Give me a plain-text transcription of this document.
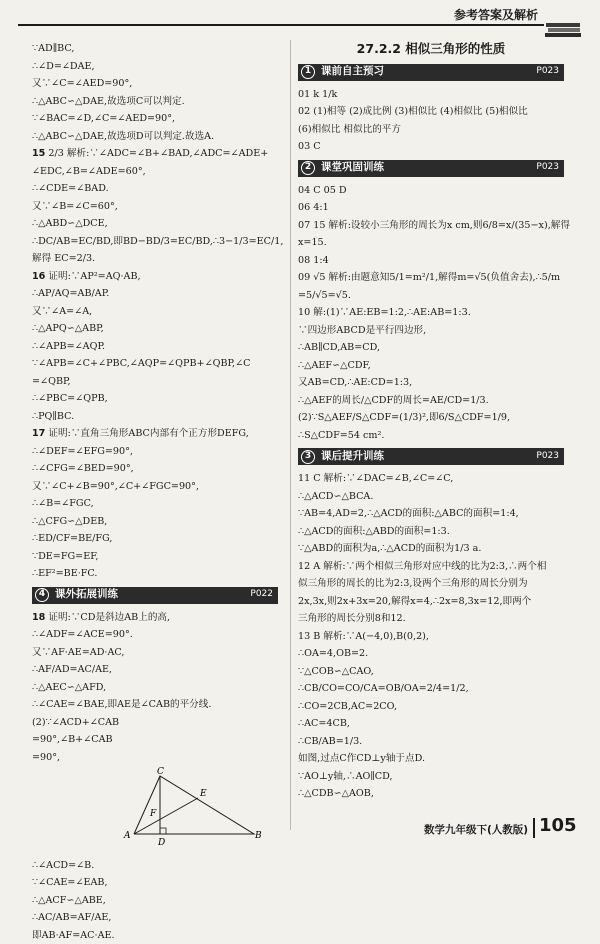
参考答案及解析
∵AD∥BC,
∴∠D=∠DAE,
又∵∠C=∠AED=90°,
∴△ABC∽△DAE,故选项C可以判定.
∵∠BAC=∠D,∠C=∠AED=90°,
∴△ABC∽△DAE,故选项D可以判定.故选A.
15 2/3 解析:∵∠ADC=∠B+∠BAD,∠ADC=∠ADE+
∠EDC,∠B=∠ADE=60°,
∴∠CDE=∠BAD.
又∵∠B=∠C=60°,
∴△ABD∽△DCE,
∴DC/AB=EC/BD,即BD−BD/3=EC/BD,∴3−1/3=EC/1,
解得 EC=2/3.
16 证明:∵AP²=AQ·AB,
∴AP/AQ=AB/AP.
又∵∠A=∠A,
∴△APQ∽△ABP,
∴∠APB=∠AQP.
∵∠APB=∠C+∠PBC,∠AQP=∠QPB+∠QBP,∠C
=∠QBP,
∴∠PBC=∠QPB,
∴PQ∥BC.
17 证明:∵直角三角形ABC内部有个正方形DEFG,
∴∠DEF=∠EFG=90°,
∴∠CFG=∠BED=90°,
又∵∠C+∠B=90°,∠C+∠FGC=90°,
∴∠B=∠FGC,
∴△CFG∽△DEB,
∴ED/CF=BE/FG,
∵DE=FG=EF,
∴EF²=BE·FC.
4 课外拓展训练	P022
18 证明:∵CD是斜边AB上的高,
∴∠ADF=∠ACE=90°.
又∵AF·AE=AD·AC,
∴AF/AD=AC/AE,
∴△AEC∽△AFD,
∴∠CAE=∠BAE,即AE是∠CAB的平分线.
(2)∵∠ACD+∠CAB
=90°,∠B+∠CAB
=90°,
A	B
C
D
E
F
∴∠ACD=∠B.
∵∠CAE=∠EAB,
∴△ACF∽△ABE,
∴AC/AB=AF/AE,
即AB·AF=AC·AE.
27.2.2 相似三角形的性质
1 课前自主预习	P023
01 k 1/k
02 (1)相等 (2)成比例 (3)相似比 (4)相似比 (5)相似比
(6)相似比 相似比的平方
03 C
2 课堂巩固训练	P023
04 C 05 D
06 4:1
07 15 解析:设较小三角形的周长为x cm,则6/8=x/(35−x),解得
x=15.
08 1:4
09 √5 解析:由题意知5/1=m²/1,解得m=√5(负值舍去),∴5/m
=5/√5=√5.
10 解:(1)∵AE:EB=1:2,∴AE:AB=1:3.
∵四边形ABCD是平行四边形,
∴AB∥CD,AB=CD,
∴△AEF∽△CDF,
又AB=CD,∴AE:CD=1:3,
∴△AEF的周长/△CDF的周长=AE/CD=1/3.
(2)∵S△AEF/S△CDF=(1/3)²,即6/S△CDF=1/9,
∴S△CDF=54 cm².
3 课后提升训练	P023
11 C 解析:∵∠DAC=∠B,∠C=∠C,
∴△ACD∽△BCA.
∵AB=4,AD=2,∴△ACD的面积:△ABC的面积=1:4,
∴△ACD的面积:△ABD的面积=1:3.
∵△ABD的面积为a,∴△ACD的面积为1/3 a.
12 A 解析:∵两个相似三角形对应中线的比为2:3,∴两个相
似三角形的周长的比为2:3,设两个三角形的周长分别为
2x,3x,则2x+3x=20,解得x=4,∴2x=8,3x=12,即两个
三角形的周长分别8和12.
13 B 解析:∵A(−4,0),B(0,2),
∴OA=4,OB=2.
∵△COB∽△CAO,
∴CB/CO=CO/CA=OB/OA=2/4=1/2,
∴CO=2CB,AC=2CO,
∴AC=4CB,
∴CB/AB=1/3.
如图,过点C作CD⊥y轴于点D.
∵AO⊥y轴,∴AO∥CD,
∴△CDB∽△AOB,
数学九年级下(人教版) 105
